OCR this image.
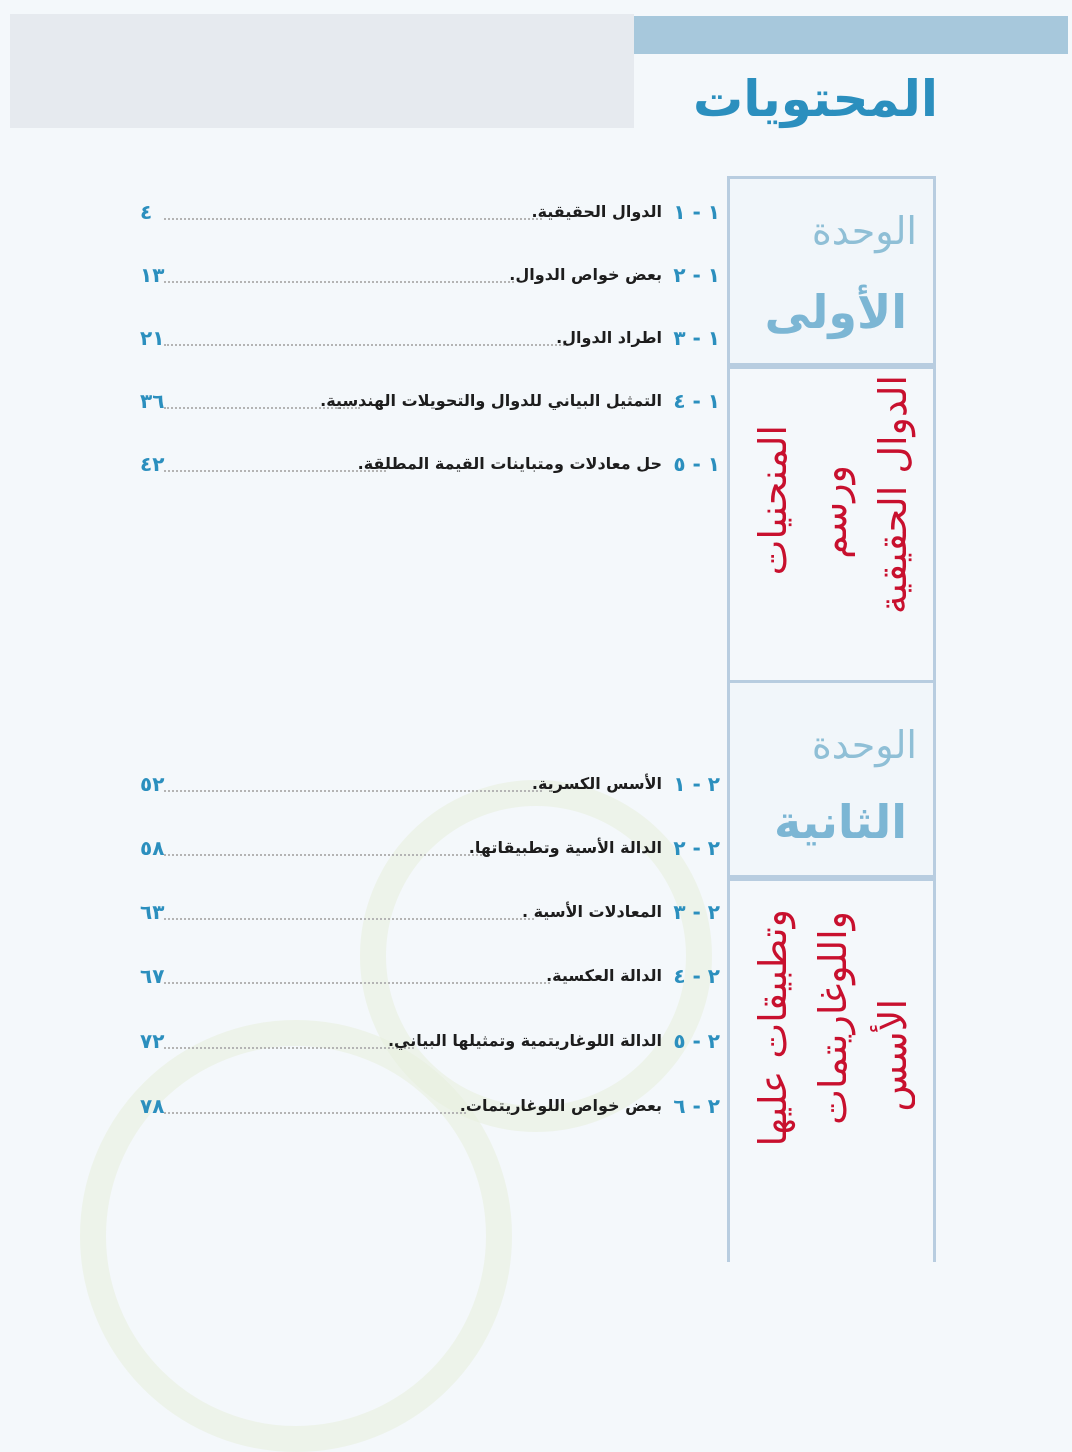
المحتويات
الوحدة
الأولى
الدوال الحقيقية
ورسم
المنحنيات
الوحدة
الثانية
الأسس
واللوغاريتمات
وتطبيقات عليها
٤	الدوال الحقيقية. ١ - ١
١٣	بعض خواص الدوال. ١ - ٢
٢١	اطراد الدوال. ١ - ٣
٣٦	التمثيل البياني للدوال والتحويلات الهندسية. ١ - ٤
٤٢	حل معادلات ومتباينات القيمة المطلقة. ١ - ٥
٥٢	الأسس الكسرية. ٢ - ١
٥٨	الدالة الأسية وتطبيقاتها. ٢ - ٢
٦٣	المعادلات الأسية . ٢ - ٣
٦٧	الدالة العكسية. ٢ - ٤
٧٢	الدالة اللوغاريتمية وتمثيلها البياني. ٢ - ٥
٧٨	بعض خواص اللوغاريتمات. ٢ - ٦
